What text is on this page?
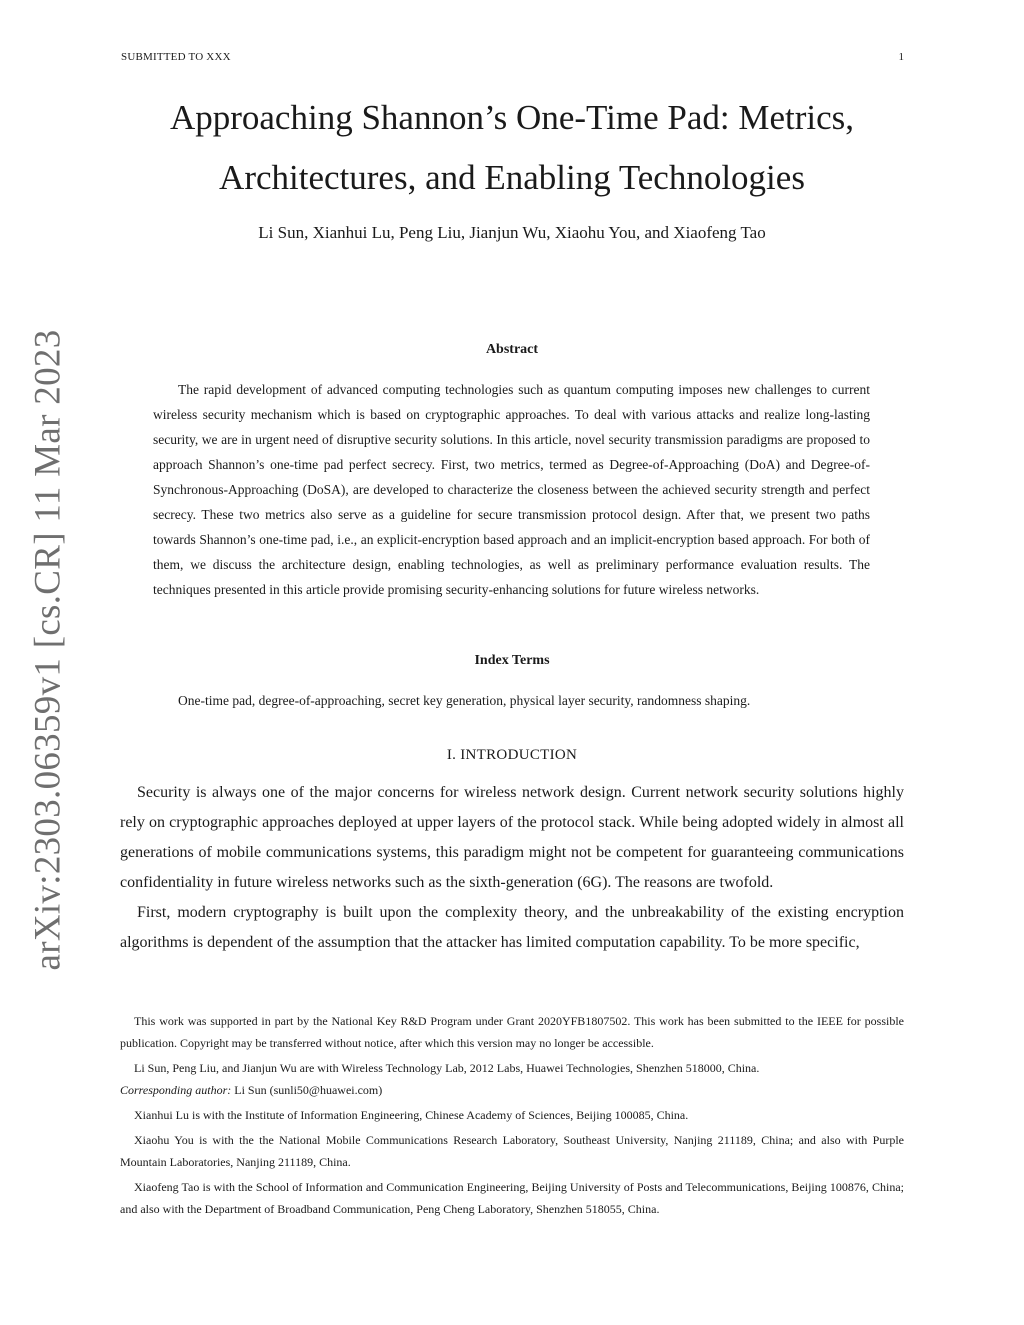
SUBMITTED TO XXX	1
arXiv:2303.06359v1 [cs.CR] 11 Mar 2023
Approaching Shannon’s One-Time Pad: Metrics,
Architectures, and Enabling Technologies
Li Sun, Xianhui Lu, Peng Liu, Jianjun Wu, Xiaohu You, and Xiaofeng Tao
Abstract

The rapid development of advanced computing technologies such as quantum computing imposes new challenges to current wireless security mechanism which is based on cryptographic approaches. To deal with various attacks and realize long-lasting security, we are in urgent need of disruptive security solutions. In this article, novel security transmission paradigms are proposed to approach Shannon’s one-time pad perfect secrecy. First, two metrics, termed as Degree-of-Approaching (DoA) and Degree-of-Synchronous-Approaching (DoSA), are developed to characterize the closeness between the achieved security strength and perfect secrecy. These two metrics also serve as a guideline for secure transmission protocol design. After that, we present two paths towards Shannon’s one-time pad, i.e., an explicit-encryption based approach and an implicit-encryption based approach. For both of them, we discuss the architecture design, enabling technologies, as well as preliminary performance evaluation results. The techniques presented in this article provide promising security-enhancing solutions for future wireless networks.

Index Terms

One-time pad, degree-of-approaching, secret key generation, physical layer security, randomness shaping.

I. INTRODUCTION

Security is always one of the major concerns for wireless network design. Current network security solutions highly rely on cryptographic approaches deployed at upper layers of the protocol stack. While being adopted widely in almost all generations of mobile communications systems, this paradigm might not be competent for guaranteeing communications confidentiality in future wireless networks such as the sixth-generation (6G). The reasons are twofold.

First, modern cryptography is built upon the complexity theory, and the unbreakability of the existing encryption algorithms is dependent of the assumption that the attacker has limited computation capability. To be more specific,

This work was supported in part by the National Key R&D Program under Grant 2020YFB1807502. This work has been submitted to the IEEE for possible publication. Copyright may be transferred without notice, after which this version may no longer be accessible.

Li Sun, Peng Liu, and Jianjun Wu are with Wireless Technology Lab, 2012 Labs, Huawei Technologies, Shenzhen 518000, China.
Corresponding author: Li Sun (sunli50@huawei.com)

Xianhui Lu is with the Institute of Information Engineering, Chinese Academy of Sciences, Beijing 100085, China.

Xiaohu You is with the the National Mobile Communications Research Laboratory, Southeast University, Nanjing 211189, China; and also with Purple Mountain Laboratories, Nanjing 211189, China.

Xiaofeng Tao is with the School of Information and Communication Engineering, Beijing University of Posts and Telecommunications, Beijing 100876, China; and also with the Department of Broadband Communication, Peng Cheng Laboratory, Shenzhen 518055, China.
